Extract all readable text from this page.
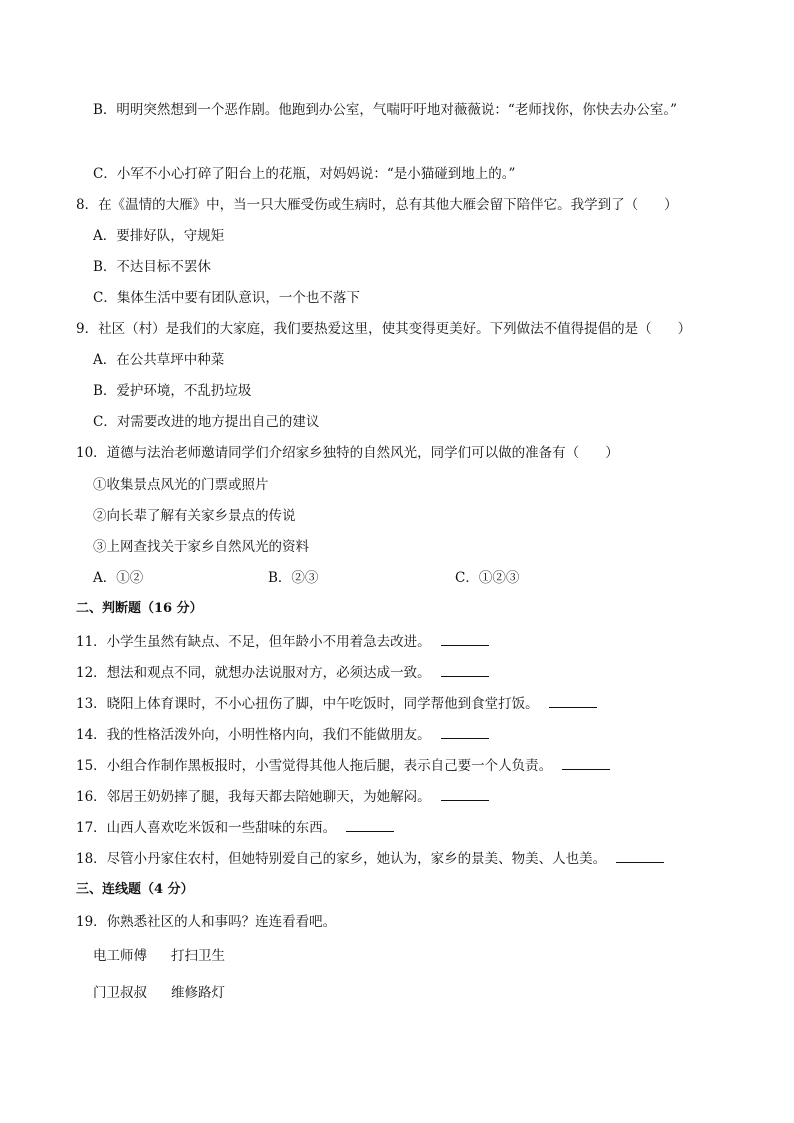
B．明明突然想到一个恶作剧。他跑到办公室，气喘吁吁地对薇薇说：“老师找你，你快去办公室。”
C．小军不小心打碎了阳台上的花瓶，对妈妈说：“是小猫碰到地上的。”
8．在《温情的大雁》中，当一只大雁受伤或生病时，总有其他大雁会留下陪伴它。我学到了（ ）
A．要排好队，守规矩
B．不达目标不罢休
C．集体生活中要有团队意识，一个也不落下
9．社区（村）是我们的大家庭，我们要热爱这里，使其变得更美好。下列做法不值得提倡的是（ ）
A．在公共草坪中种菜
B．爱护环境，不乱扔垃圾
C．对需要改进的地方提出自己的建议
10．道德与法治老师邀请同学们介绍家乡独特的自然风光，同学们可以做的准备有（ ）
①收集景点风光的门票或照片
②向长辈了解有关家乡景点的传说
③上网查找关于家乡自然风光的资料
A．①②	B．②③	C．①②③
二、判断题（16 分）
11．小学生虽然有缺点、不足，但年龄小不用着急去改进。
12．想法和观点不同，就想办法说服对方，必须达成一致。
13．晓阳上体育课时，不小心扭伤了脚，中午吃饭时，同学帮他到食堂打饭。
14．我的性格活泼外向，小明性格内向，我们不能做朋友。
15．小组合作制作黑板报时，小雪觉得其他人拖后腿，表示自己要一个人负责。
16．邻居王奶奶摔了腿，我每天都去陪她聊天，为她解闷。
17．山西人喜欢吃米饭和一些甜味的东西。
18．尽管小丹家住农村，但她特别爱自己的家乡，她认为，家乡的景美、物美、人也美。
三、连线题（4 分）
19．你熟悉社区的人和事吗？连连看看吧。
电工师傅 打扫卫生
门卫叔叔 维修路灯
